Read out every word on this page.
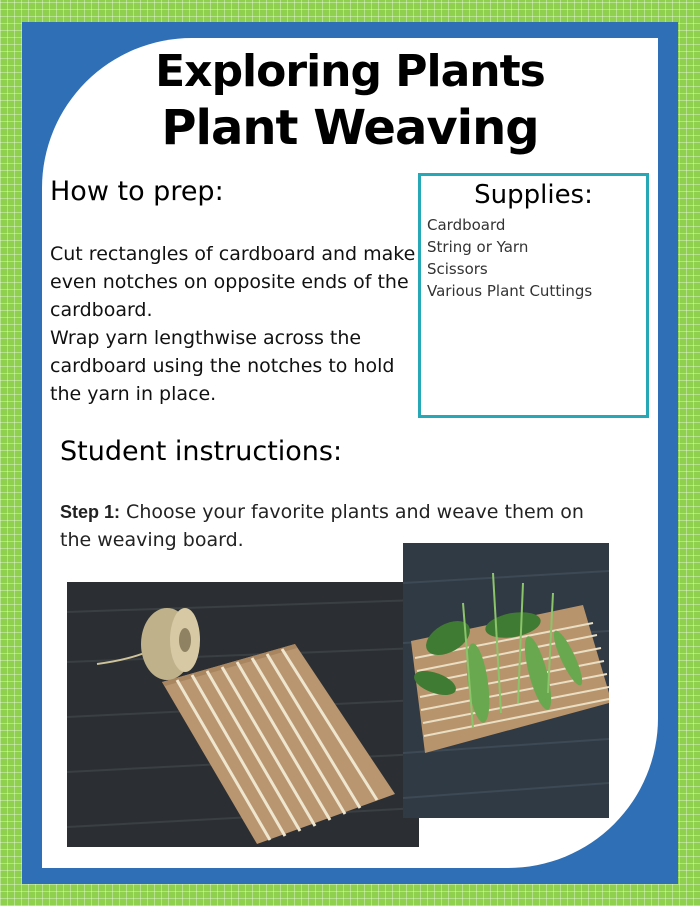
Exploring Plants
Plant Weaving
How to prep:

Cut rectangles of cardboard and make even notches on opposite ends of the cardboard.

Wrap yarn lengthwise across the cardboard using the notches to hold the yarn in place.

Supplies:
Cardboard
String or Yarn
Scissors
Various Plant Cuttings
Student instructions:
Step 1: Choose your favorite plants and weave them on the weaving board.
